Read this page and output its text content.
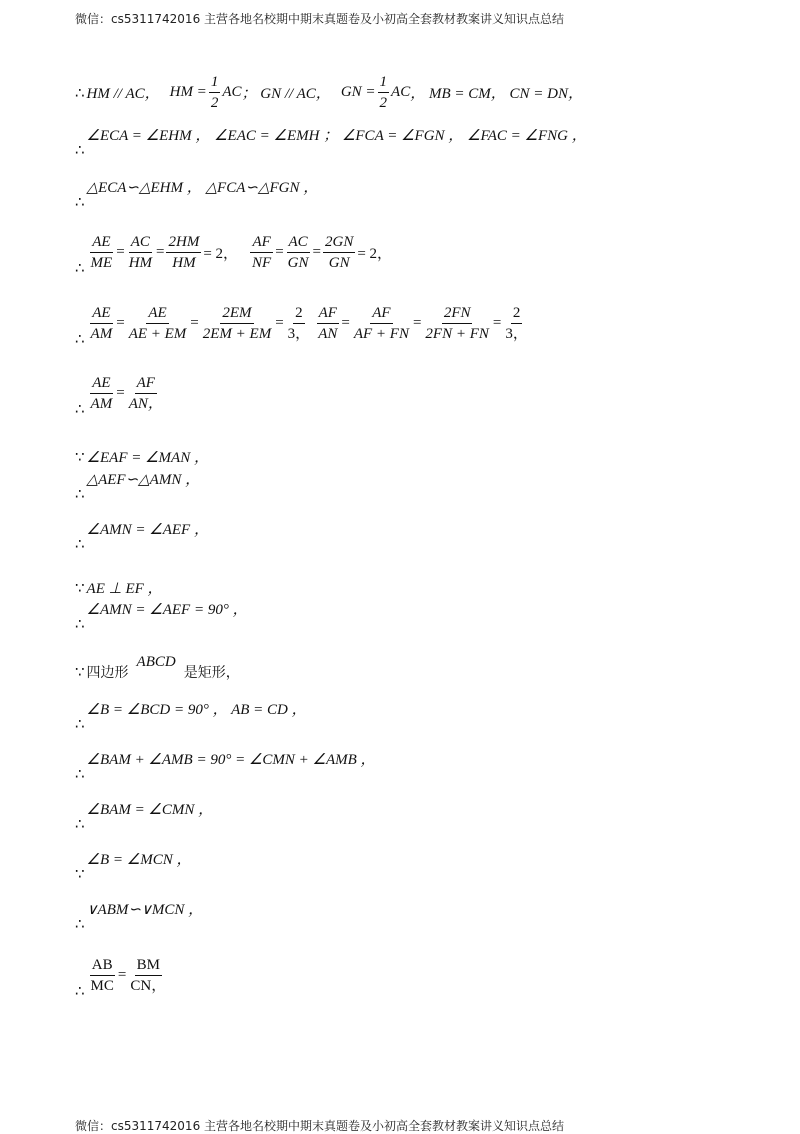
微信：cs5311742016 主营各地名校期中期末真题卷及小初高全套教材教案讲义知识点总结
∴ HM // AC， HM = $\frac{1}{2}$ AC ； GN // AC， GN = $\frac{1}{2}$ AC ， MB = CM， CN = DN，
∴
∠ECA = ∠EHM ， ∠EAC = ∠EMH ； ∠FCA = ∠FGN ， ∠FAC = ∠FNG ，
∴
△ECA∽△EHM ， △FCA∽△FGN ，
∴ $\frac{AE}{ME} = \frac{AC}{HM} = \frac{2HM}{HM} = 2$， $\frac{AF}{NF} = \frac{AC}{GN} = \frac{2GN}{GN} = 2$，
∴ $\frac{AE}{AM} = \frac{AE}{AE + EM} = \frac{2EM}{2EM + EM} = \frac{2}{3,} \frac{AF}{AN} = \frac{AF}{AF + FN} = \frac{2FN}{2FN + FN} = \frac{2}{3,}$
∴ $\frac{AE}{AM} = \frac{AF}{AN,}$
∵ ∠EAF = ∠MAN ，
∴
△AEF∽△AMN ，
∴
∠AMN = ∠AEF ，
∵ AE ⊥ EF ，
∴
∠AMN = ∠AEF = 90° ，
∵ 四边形
ABCD
是矩形，
∴
∠B = ∠BCD = 90° ， AB = CD ，
∴
∠BAM + ∠AMB = 90° = ∠CMN + ∠AMB ，
∴
∠BAM = ∠CMN ，
∵
∠B = ∠MCN ，
∴
∨ABM∽∨MCN ，
∴ $\frac{AB}{MC} = \frac{BM}{CN,}$
微信：cs5311742016 主营各地名校期中期末真题卷及小初高全套教材教案讲义知识点总结
